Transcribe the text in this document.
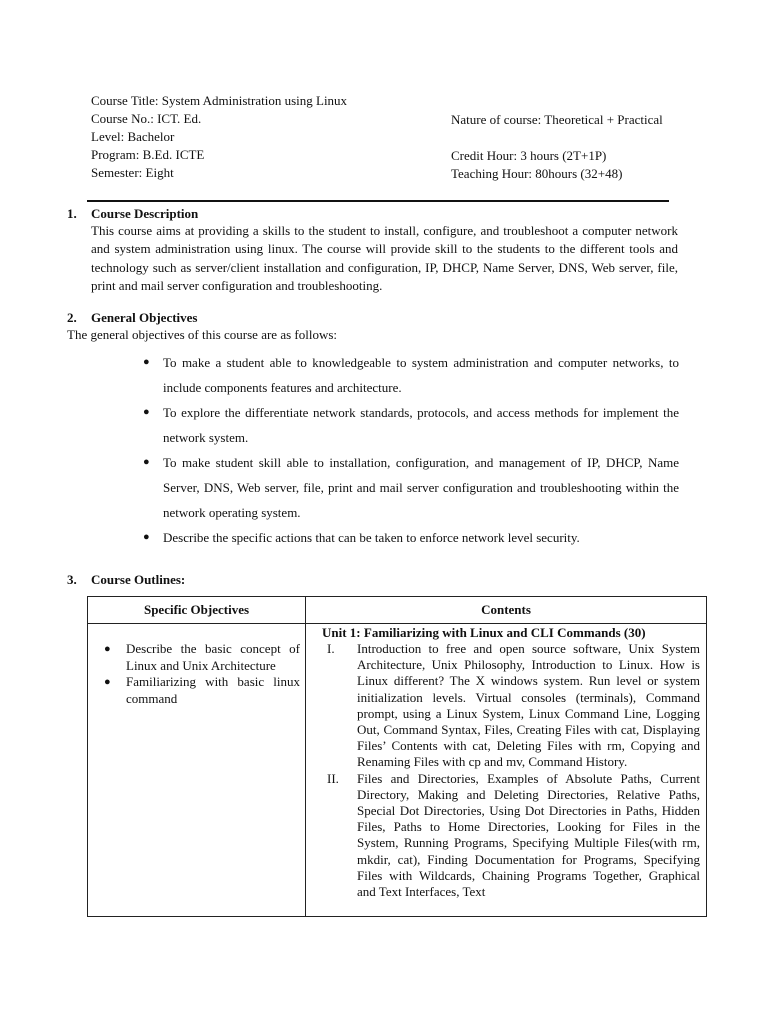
Course Title: System Administration using Linux
Course No.: ICT. Ed.
Level: Bachelor
Program: B.Ed. ICTE
Semester: Eight
Nature of course: Theoretical + Practical
Credit Hour: 3 hours (2T+1P)
Teaching Hour: 80hours (32+48)
1. Course Description
This course aims at providing a skills to the student to install, configure, and troubleshoot a computer network and system administration using linux. The course will provide skill to the students to the different tools and technology such as server/client installation and configuration, IP, DHCP, Name Server, DNS, Web server, file, print and mail server configuration and troubleshooting.
2. General Objectives
The general objectives of this course are as follows:
● To make a student able to knowledgeable to system administration and computer networks, to include components features and architecture.
● To explore the differentiate network standards, protocols, and access methods for implement the network system.
● To make student skill able to installation, configuration, and management of IP, DHCP, Name Server, DNS, Web server, file, print and mail server configuration and troubleshooting within the network operating system.
● Describe the specific actions that can be taken to enforce network level security.
3. Course Outlines:
Specific Objectives	Contents
● Describe the basic concept of Linux and Unix Architecture
● Familiarizing with basic linux command
Unit 1: Familiarizing with Linux and CLI Commands (30)
I. Introduction to free and open source software, Unix System Architecture, Unix Philosophy, Introduction to Linux. How is Linux different? The X windows system. Run level or system initialization levels. Virtual consoles (terminals), Command prompt, using a Linux System, Linux Command Line, Logging Out, Command Syntax, Files, Creating Files with cat, Displaying Files’ Contents with cat, Deleting Files with rm, Copying and Renaming Files with cp and mv, Command History.
II. Files and Directories, Examples of Absolute Paths, Current Directory, Making and Deleting Directories, Relative Paths, Special Dot Directories, Using Dot Directories in Paths, Hidden Files, Paths to Home Directories, Looking for Files in the System, Running Programs, Specifying Multiple Files(with rm, mkdir, cat), Finding Documentation for Programs, Specifying Files with Wildcards, Chaining Programs Together, Graphical and Text Interfaces, Text
